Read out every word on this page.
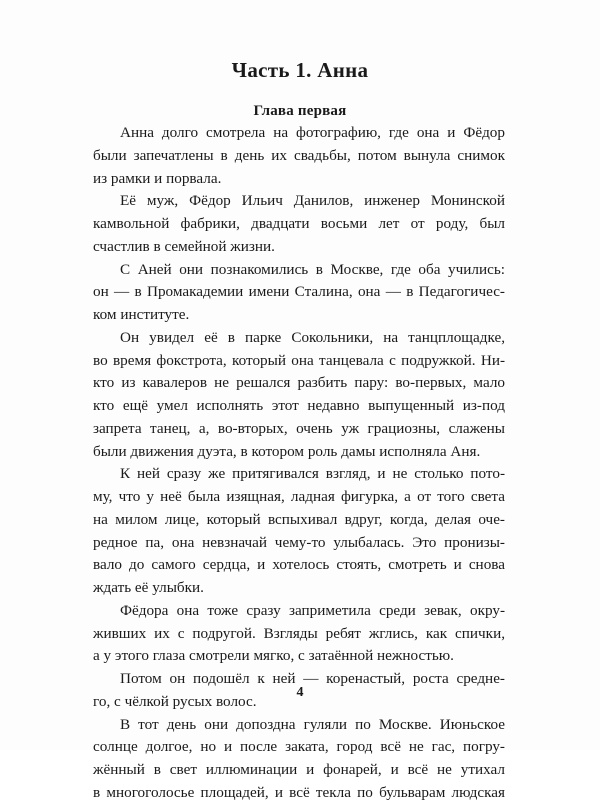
Часть 1. Анна
Глава первая
Анна долго смотрела на фотографию, где она и Фёдор
были запечатлены в день их свадьбы, потом вынула снимок
из рамки и порвала.
Её муж, Фёдор Ильич Данилов, инженер Монинской
камвольной фабрики, двадцати восьми лет от роду, был
счастлив в семейной жизни.
С Аней они познакомились в Москве, где оба учились:
он — в Промакадемии имени Сталина, она — в Педагогичес-
ком институте.
Он увидел её в парке Сокольники, на танцплощадке,
во время фокстрота, который она танцевала с подружкой. Ни-
кто из кавалеров не решался разбить пару: во-первых, мало
кто ещё умел исполнять этот недавно выпущенный из-под
запрета танец, а, во-вторых, очень уж грациозны, слажены
были движения дуэта, в котором роль дамы исполняла Аня.
К ней сразу же притягивался взгляд, и не столько пото-
му, что у неё была изящная, ладная фигурка, а от того света
на милом лице, который вспыхивал вдруг, когда, делая оче-
редное па, она невзначай чему-то улыбалась. Это пронизы-
вало до самого сердца, и хотелось стоять, смотреть и снова
ждать её улыбки.
Фёдора она тоже сразу заприметила среди зевак, окру-
живших их с подругой. Взгляды ребят жглись, как спички,
а у этого глаза смотрели мягко, с затаённой нежностью.
Потом он подошёл к ней — коренастый, роста средне-
го, с чёлкой русых волос.
В тот день они допоздна гуляли по Москве. Июньское
солнце долгое, но и после заката, город всё не гас, погру-
жённый в свет иллюминации и фонарей, и всё не утихал
в многоголосье площадей, и всё текла по бульварам людская
4
